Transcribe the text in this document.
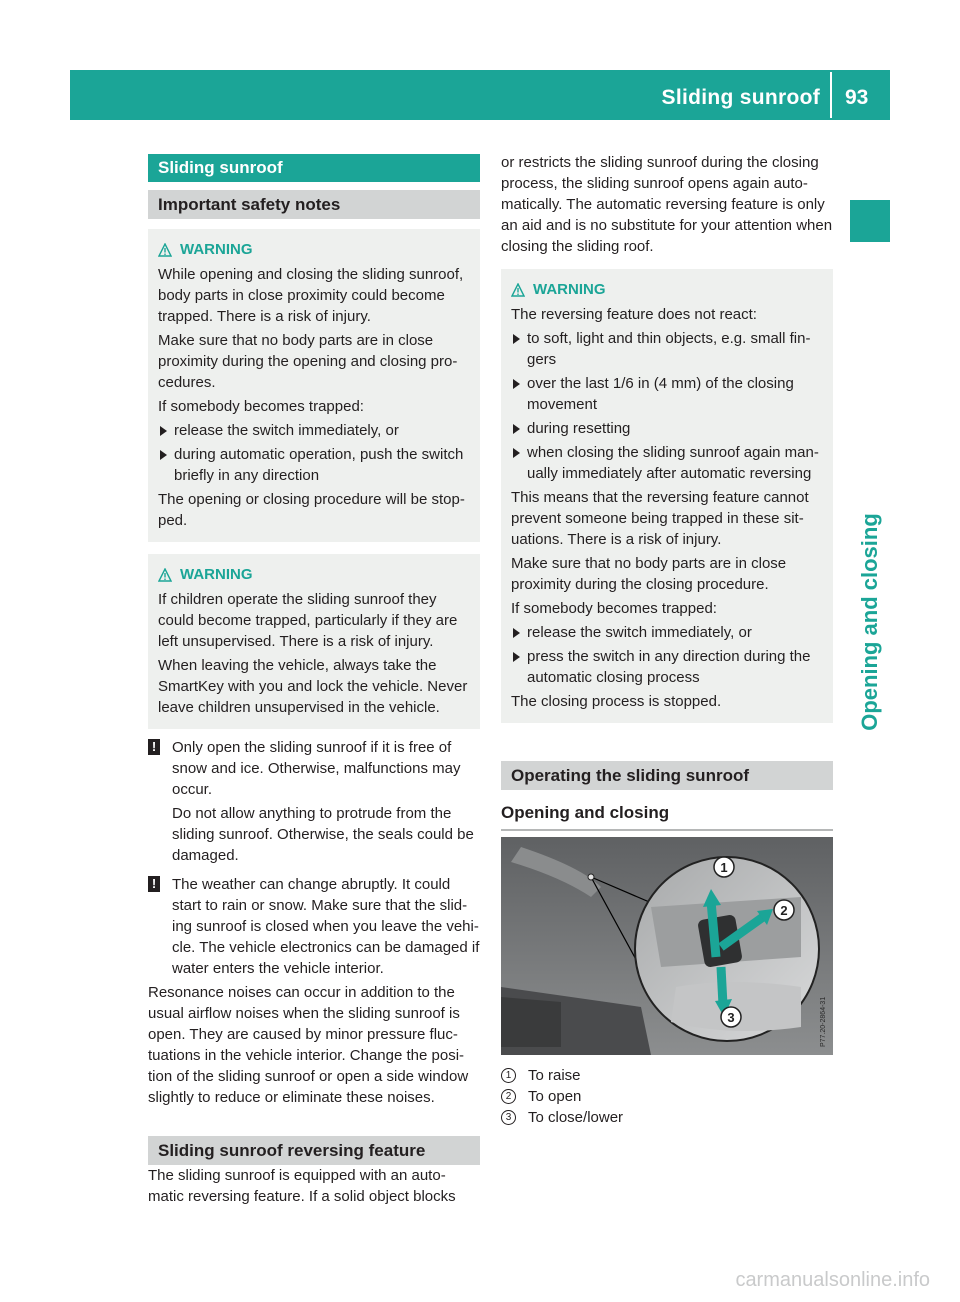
Sliding sunroof 93
Opening and closing
Sliding sunroof
Important safety notes
WARNING

While opening and closing the sliding sunroof, body parts in close proximity could become trapped. There is a risk of injury.

Make sure that no body parts are in close proximity during the opening and closing pro-cedures.

If somebody becomes trapped:

release the switch immediately, or
during automatic operation, push the switch briefly in any direction

The opening or closing procedure will be stop-ped.

WARNING

If children operate the sliding sunroof they could become trapped, particularly if they are left unsupervised. There is a risk of injury.

When leaving the vehicle, always take the SmartKey with you and lock the vehicle. Never leave children unsupervised in the vehicle.

! Only open the sliding sunroof if it is free of snow and ice. Otherwise, malfunctions may occur.

Do not allow anything to protrude from the sliding sunroof. Otherwise, the seals could be damaged.

! The weather can change abruptly. It could start to rain or snow. Make sure that the slid-ing sunroof is closed when you leave the vehi-cle. The vehicle electronics can be damaged if water enters the vehicle interior.

Resonance noises can occur in addition to the usual airflow noises when the sliding sunroof is open. They are caused by minor pressure fluc-tuations in the vehicle interior. Change the posi-tion of the sliding sunroof or open a side window slightly to reduce or eliminate these noises.

Sliding sunroof reversing feature

The sliding sunroof is equipped with an auto-matic reversing feature. If a solid object blocks

or restricts the sliding sunroof during the closing process, the sliding sunroof opens again auto-matically. The automatic reversing feature is only an aid and is no substitute for your attention when closing the sliding roof.

WARNING

The reversing feature does not react:

to soft, light and thin objects, e.g. small fin-gers
over the last 1/6 in (4 mm) of the closing movement
during resetting
when closing the sliding sunroof again man-ually immediately after automatic reversing

This means that the reversing feature cannot prevent someone being trapped in these sit-uations. There is a risk of injury.

Make sure that no body parts are in close proximity during the closing procedure.

If somebody becomes trapped:

release the switch immediately, or
press the switch in any direction during the automatic closing process

The closing process is stopped.

Operating the sliding sunroof
Opening and closing
1
2
3	P77.20-2864-31
1	To raise
2	To open
3	To close/lower
carmanualsonline.info
